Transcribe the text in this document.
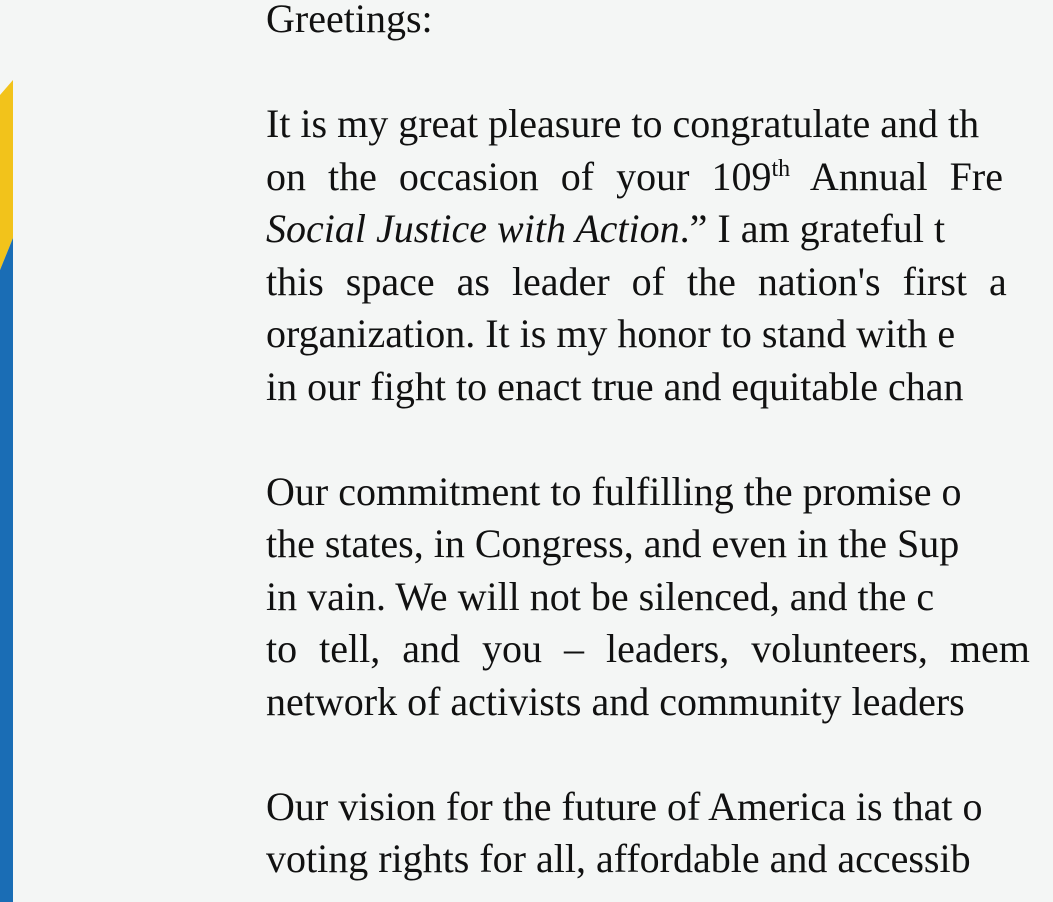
Greetings:
It is my great pleasure to congratulate and th
on the occasion of your 109th Annual Fre
Social Justice with Action.” I am grateful t
this space as leader of the nation's first a
organization. It is my honor to stand with e
in our fight to enact true and equitable chan
Our commitment to fulfilling the promise o
the states, in Congress, and even in the Sup
in vain. We will not be silenced, and the c
to tell, and you – leaders, volunteers, mem
network of activists and community leaders
Our vision for the future of America is that o
voting rights for all, affordable and accessib
